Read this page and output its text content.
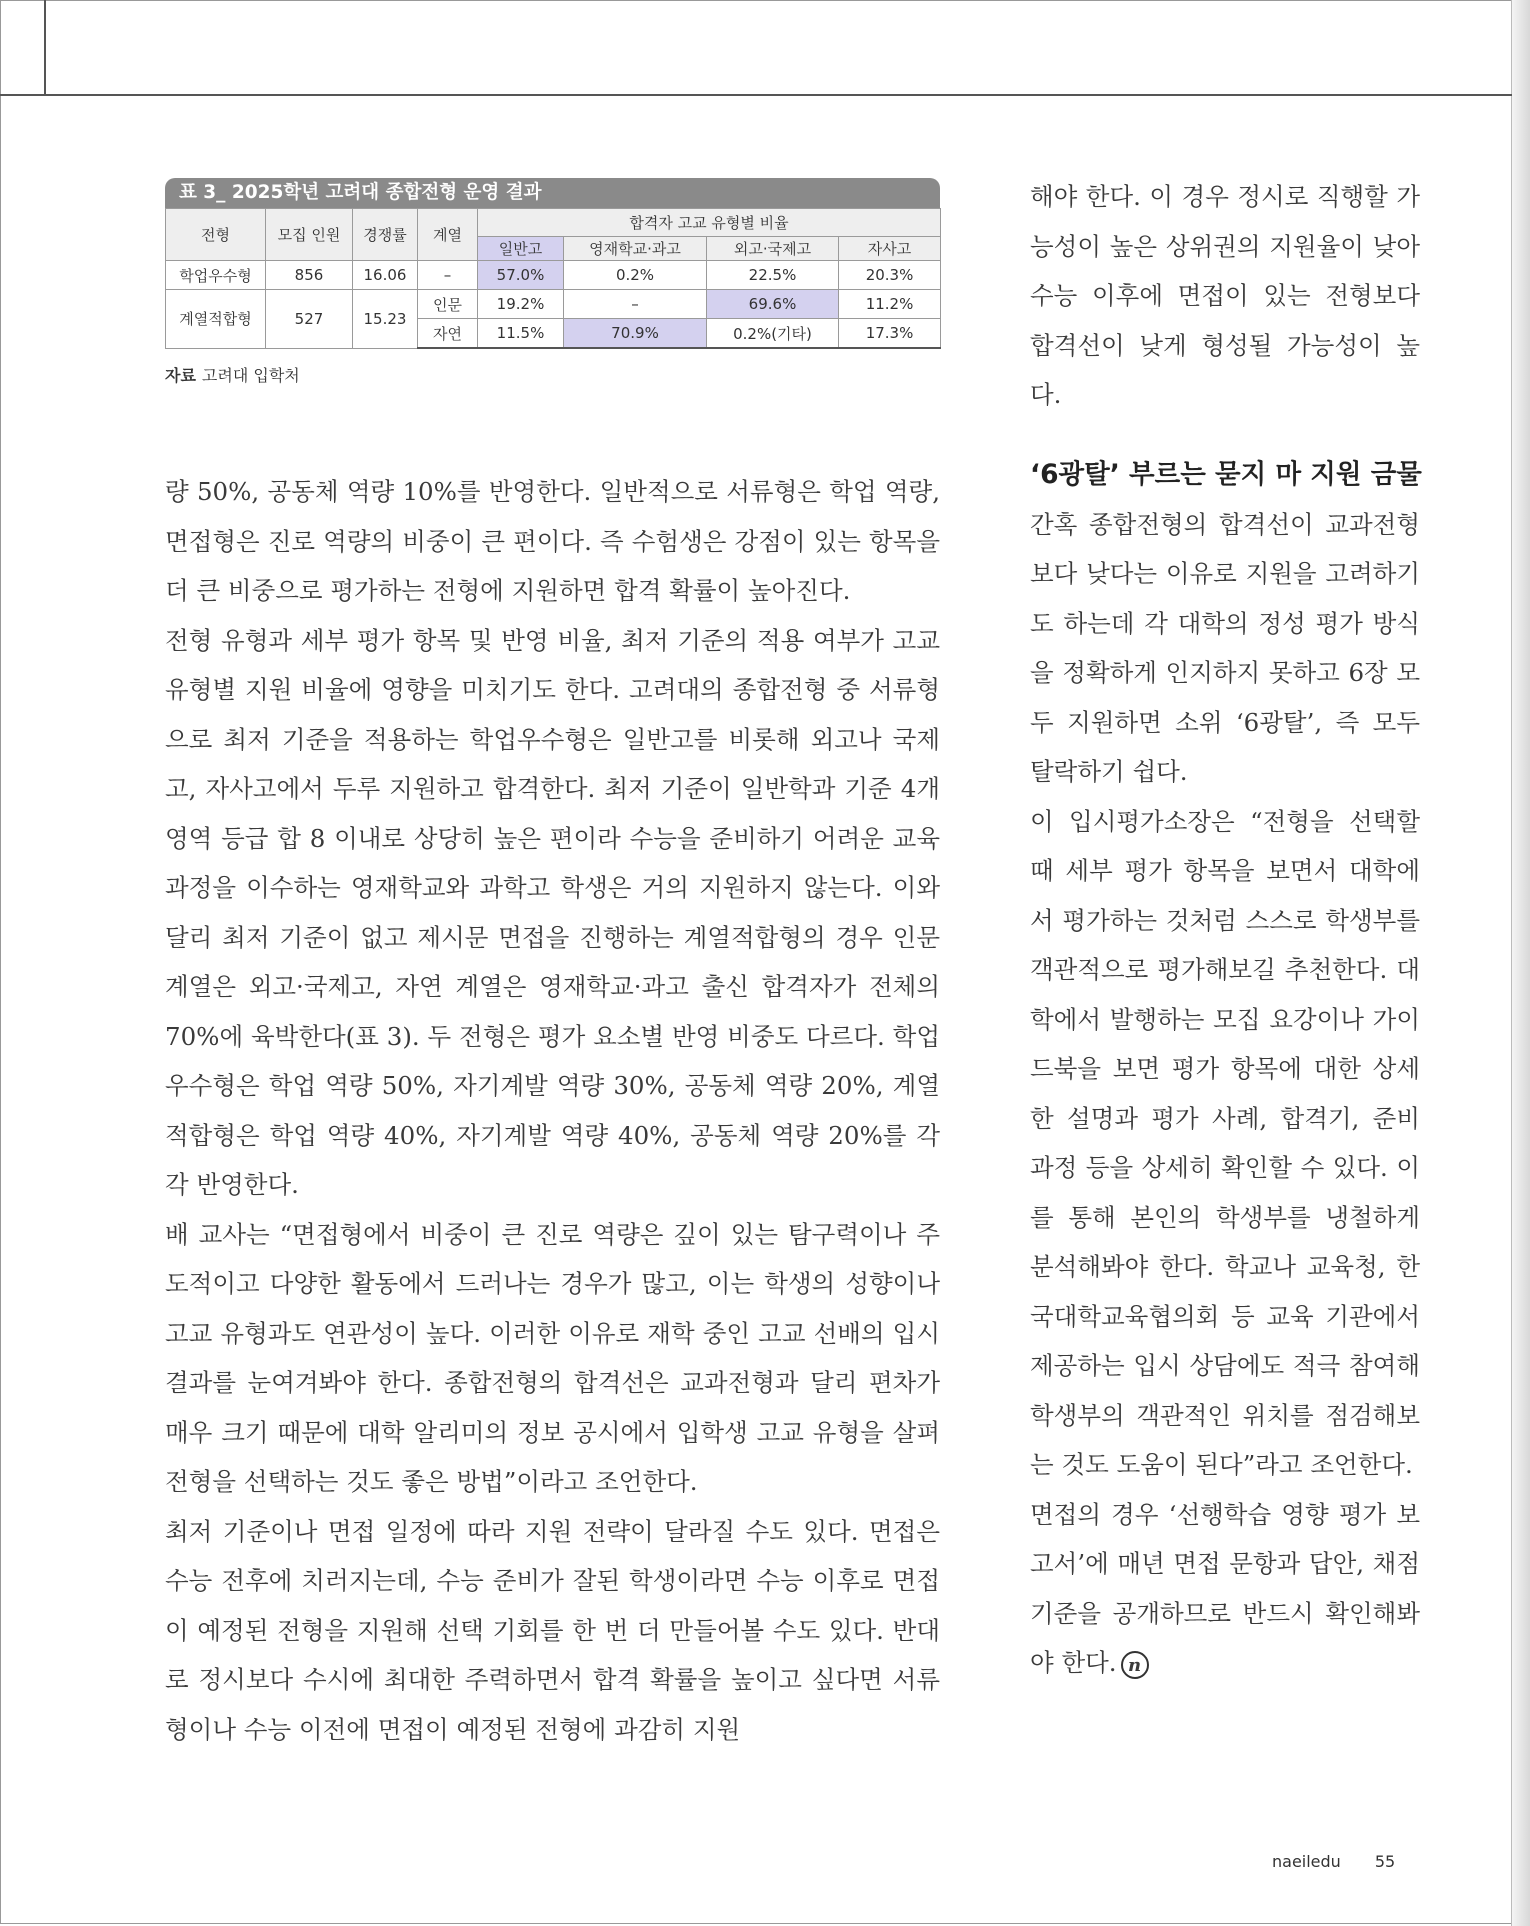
표 3_ 2025학년 고려대 종합전형 운영 결과
전형	모집 인원	경쟁률	계열	합격자 고교 유형별 비율			
				일반고	영재학교·과고	외고·국제고	자사고
학업우수형	856	16.06	–	57.0%	0.2%	22.5%	20.3%
계열적합형	527	15.23	인문	19.2%	–	69.6%	11.2%
			자연	11.5%	70.9%	0.2%(기타)	17.3%
자료 고려대 입학처

량 50%, 공동체 역량 10%를 반영한다. 일반적으로 서류형은 학업 역량, 면접형은 진로 역량의 비중이 큰 편이다. 즉 수험생은 강점이 있는 항목을 더 큰 비중으로 평가하는 전형에 지원하면 합격 확률이 높아진다.

전형 유형과 세부 평가 항목 및 반영 비율, 최저 기준의 적용 여부가 고교 유형별 지원 비율에 영향을 미치기도 한다. 고려대의 종합전형 중 서류형으로 최저 기준을 적용하는 학업우수형은 일반고를 비롯해 외고나 국제고, 자사고에서 두루 지원하고 합격한다. 최저 기준이 일반학과 기준 4개 영역 등급 합 8 이내로 상당히 높은 편이라 수능을 준비하기 어려운 교육과정을 이수하는 영재학교와 과학고 학생은 거의 지원하지 않는다. 이와 달리 최저 기준이 없고 제시문 면접을 진행하는 계열적합형의 경우 인문 계열은 외고·국제고, 자연 계열은 영재학교·과고 출신 합격자가 전체의 70%에 육박한다(표 3). 두 전형은 평가 요소별 반영 비중도 다르다. 학업우수형은 학업 역량 50%, 자기계발 역량 30%, 공동체 역량 20%, 계열적합형은 학업 역량 40%, 자기계발 역량 40%, 공동체 역량 20%를 각각 반영한다.

배 교사는 “면접형에서 비중이 큰 진로 역량은 깊이 있는 탐구력이나 주도적이고 다양한 활동에서 드러나는 경우가 많고, 이는 학생의 성향이나 고교 유형과도 연관성이 높다. 이러한 이유로 재학 중인 고교 선배의 입시 결과를 눈여겨봐야 한다. 종합전형의 합격선은 교과전형과 달리 편차가 매우 크기 때문에 대학 알리미의 정보 공시에서 입학생 고교 유형을 살펴 전형을 선택하는 것도 좋은 방법”이라고 조언한다.

최저 기준이나 면접 일정에 따라 지원 전략이 달라질 수도 있다. 면접은 수능 전후에 치러지는데, 수능 준비가 잘된 학생이라면 수능 이후로 면접이 예정된 전형을 지원해 선택 기회를 한 번 더 만들어볼 수도 있다. 반대로 정시보다 수시에 최대한 주력하면서 합격 확률을 높이고 싶다면 서류형이나 수능 이전에 면접이 예정된 전형에 과감히 지원

해야 한다. 이 경우 정시로 직행할 가능성이 높은 상위권의 지원율이 낮아 수능 이후에 면접이 있는 전형보다 합격선이 낮게 형성될 가능성이 높다.
‘6광탈’ 부르는 묻지 마 지원 금물

간혹 종합전형의 합격선이 교과전형보다 낮다는 이유로 지원을 고려하기도 하는데 각 대학의 정성 평가 방식을 정확하게 인지하지 못하고 6장 모두 지원하면 소위 ‘6광탈’, 즉 모두 탈락하기 쉽다.

이 입시평가소장은 “전형을 선택할 때 세부 평가 항목을 보면서 대학에서 평가하는 것처럼 스스로 학생부를 객관적으로 평가해보길 추천한다. 대학에서 발행하는 모집 요강이나 가이드북을 보면 평가 항목에 대한 상세한 설명과 평가 사례, 합격기, 준비 과정 등을 상세히 확인할 수 있다. 이를 통해 본인의 학생부를 냉철하게 분석해봐야 한다. 학교나 교육청, 한국대학교육협의회 등 교육 기관에서 제공하는 입시 상담에도 적극 참여해 학생부의 객관적인 위치를 점검해보는 것도 도움이 된다”라고 조언한다.

면접의 경우 ‘선행학습 영향 평가 보고서’에 매년 면접 문항과 답안, 채점 기준을 공개하므로 반드시 확인해봐야 한다. n

naeiledu 55
